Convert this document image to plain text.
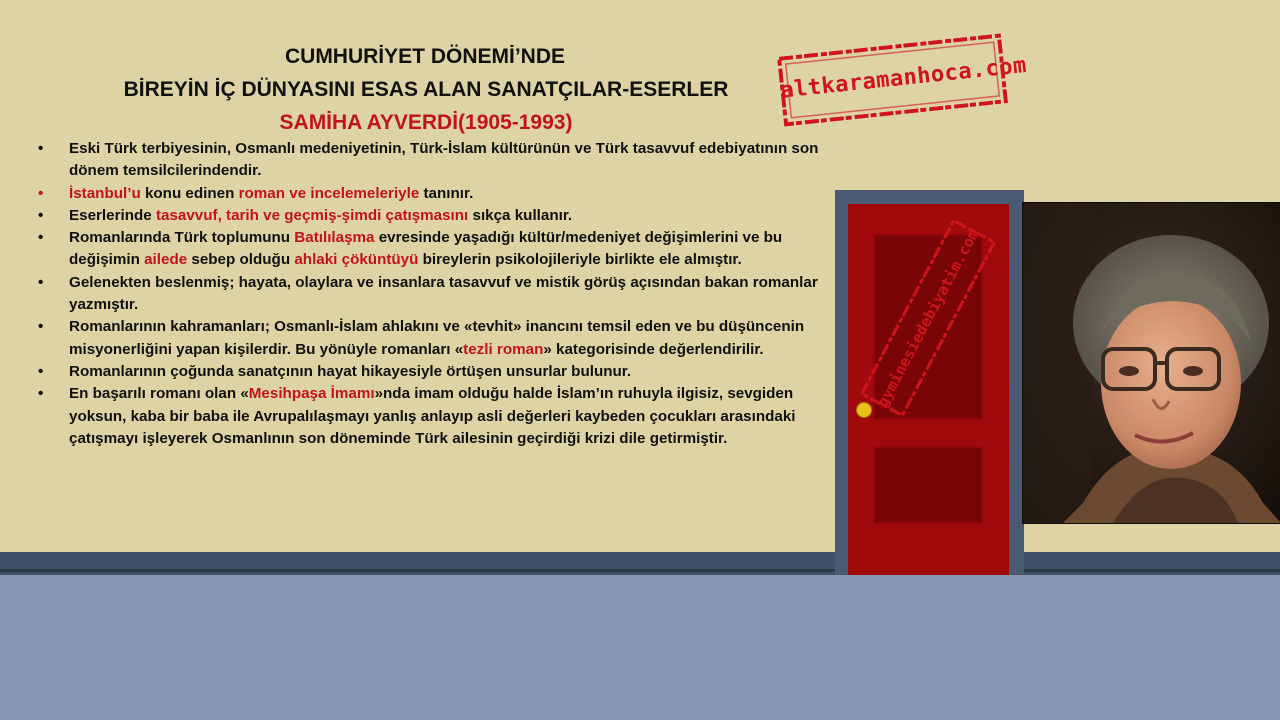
CUMHURİYET DÖNEMİ’NDE
BİREYİN İÇ DÜNYASINI ESAS ALAN SANATÇILAR-ESERLER
SAMİHA AYVERDİ(1905-1993)
•	Eski Türk terbiyesinin, Osmanlı medeniyetinin, Türk-İslam kültürünün ve Türk tasavvuf edebiyatının son dönem temsilcilerindendir.
•	İstanbul’u konu edinen roman ve incelemeleriyle tanınır.
•	Eserlerinde tasavvuf, tarih ve geçmiş-şimdi çatışmasını sıkça kullanır.
•	Romanlarında Türk toplumunu Batılılaşma evresinde yaşadığı kültür/medeniyet değişimlerini ve bu değişimin ailede sebep olduğu ahlaki çöküntüyü bireylerin psikolojileriyle birlikte ele almıştır.
•	Gelenekten beslenmiş; hayata, olaylara ve insanlara tasavvuf ve mistik görüş açısından bakan romanlar yazmıştır.
•	Romanlarının kahramanları; Osmanlı-İslam ahlakını ve «tevhit» inancını temsil eden ve bu düşüncenin misyonerliğini yapan kişilerdir. Bu yönüyle romanları «tezli roman» kategorisinde değerlendirilir.
•	Romanlarının çoğunda sanatçının hayat hikayesiyle örtüşen unsurlar bulunur.
•	En başarılı romanı olan «Mesihpaşa İmamı»nda imam olduğu halde İslam’ın ruhuyla ilgisiz, sevgiden yoksun, kaba bir baba ile Avrupalılaşmayı yanlış anlayıp asli değerleri kaybeden çocukları arasındaki çatışmayı işleyerek Osmanlının son döneminde Türk ailesinin geçirdiği krizi dile getirmiştir.
altkaramanhoca.com
gyminesiedebiyatim.com
